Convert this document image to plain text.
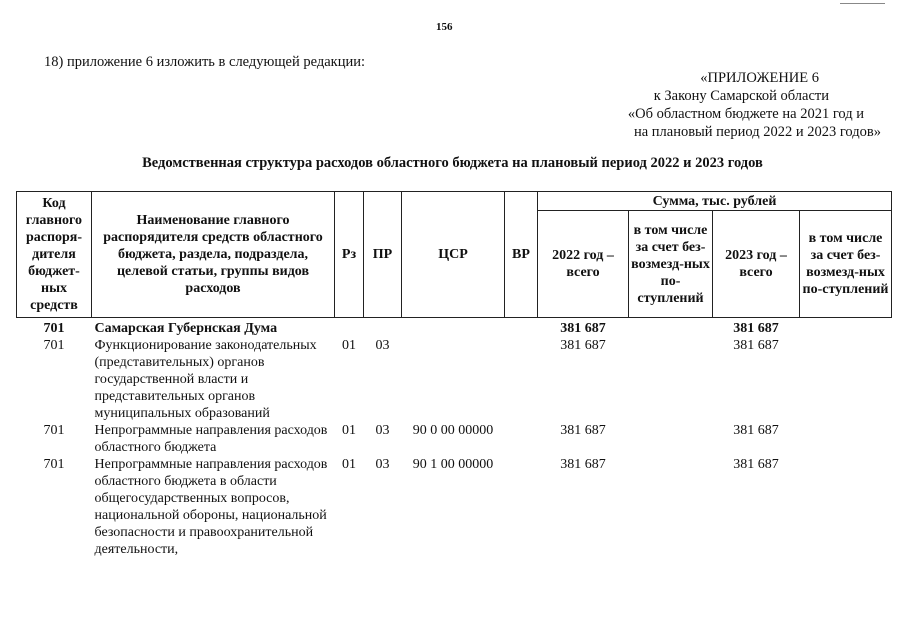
156
18) приложение 6 изложить в следующей редакции:
«ПРИЛОЖЕНИЕ 6
к Закону Самарской области
«Об областном бюджете на 2021 год и
на плановый период 2022 и 2023 годов»
Ведомственная структура расходов областного бюджета на плановый период 2022 и 2023 годов
Код главного распоря-дителя бюджет-ных средств	Наименование главного распорядителя средств областного бюджета, раздела, подраздела, целевой статьи, группы видов расходов	Рз	ПР	ЦСР	ВР	Сумма, тыс. рублей			
						2022 год – всего	в том числе за счет без-возмезд-ных по-ступлений	2023 год – всего	в том числе за счет без-возмезд-ных по-ступлений
701	Самарская Губернская Дума					381 687		381 687	
701	Функционирование законодательных (представительных) органов государственной власти и представительных органов муниципальных образований	01	03			381 687		381 687	
701	Непрограммные направления расходов областного бюджета	01	03	90 0 00 00000		381 687		381 687	
701	Непрограммные направления расходов областного бюджета в области общегосударственных вопросов, национальной обороны, национальной безопасности и правоохранительной деятельности,	01	03	90 1 00 00000		381 687		381 687	
